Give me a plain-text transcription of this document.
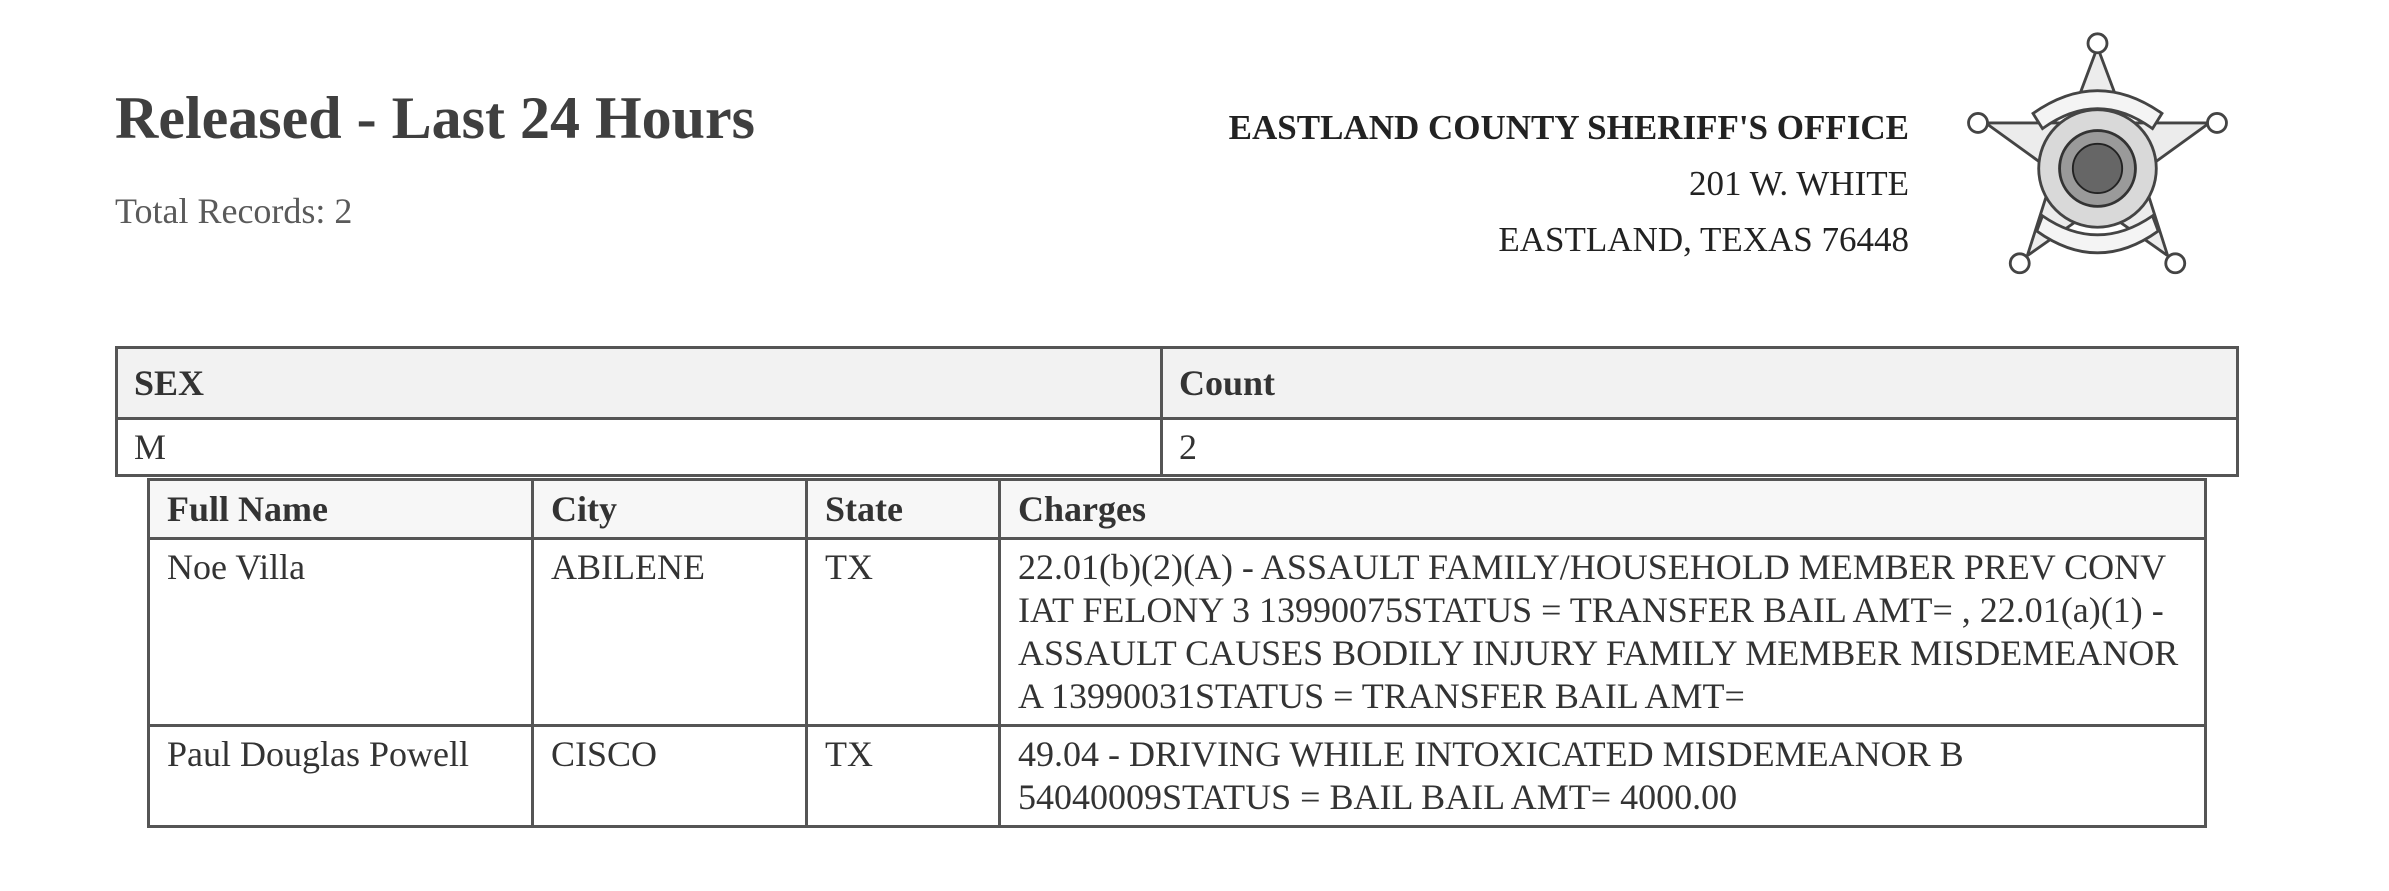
Released - Last 24 Hours
Total Records: 2
EASTLAND COUNTY SHERIFF'S OFFICE
201 W. WHITE
EASTLAND, TEXAS 76448
SEX	Count
M	2
Full Name	City	State	Charges
Noe Villa	ABILENE	TX	22.01(b)(2)(A) - ASSAULT FAMILY/HOUSEHOLD MEMBER PREV CONV IAT FELONY 3 13990075STATUS = TRANSFER BAIL AMT= , 22.01(a)(1) - ASSAULT CAUSES BODILY INJURY FAMILY MEMBER MISDEMEANOR A 13990031STATUS = TRANSFER BAIL AMT=
Paul Douglas Powell	CISCO	TX	49.04 - DRIVING WHILE INTOXICATED MISDEMEANOR B 54040009STATUS = BAIL BAIL AMT= 4000.00
